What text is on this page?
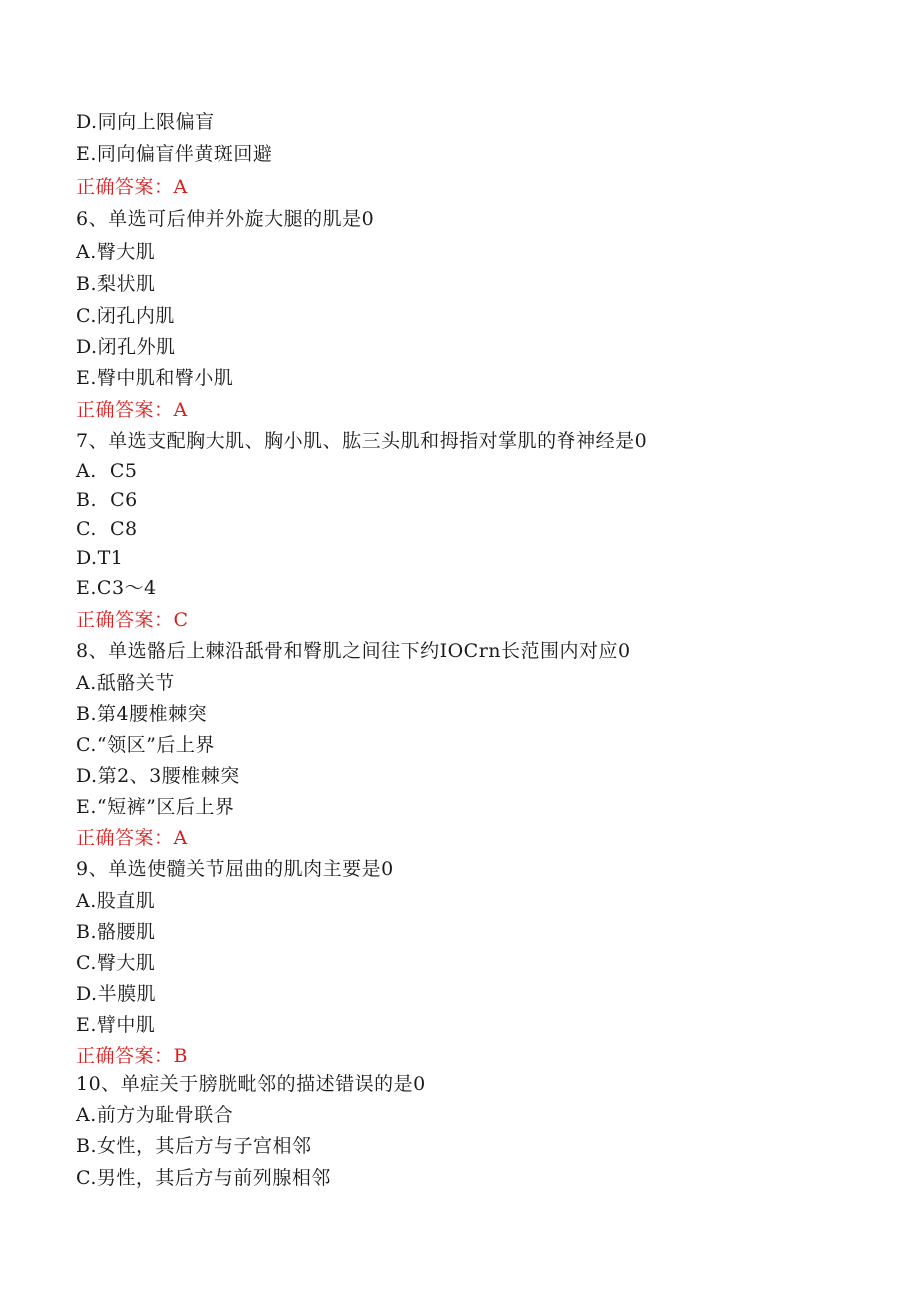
D.同向上限偏盲
E.同向偏盲伴黄斑回避
正确答案：A
6、单选可后伸并外旋大腿的肌是0
A.臀大肌
B.梨状肌
C.闭孔内肌
D.闭孔外肌
E.臀中肌和臀小肌
正确答案：A
7、单选支配胸大肌、胸小肌、肱三头肌和拇指对掌肌的脊神经是0
A.  C5
B.  C6
C.  C8
D.T1
E.C3～4
正确答案：C
8、单选骼后上棘沿舐骨和臀肌之间往下约IOCrn长范围内对应0
A.舐骼关节
B.第4腰椎棘突
C.“领区”后上界
D.第2、3腰椎棘突
E.“短裤”区后上界
正确答案：A
9、单选使髓关节屈曲的肌肉主要是0
A.股直肌
B.骼腰肌
C.臀大肌
D.半膜肌
E.臂中肌
正确答案：B
10、单症关于膀胱毗邻的描述错误的是0
A.前方为耻骨联合
B.女性，其后方与子宫相邻
C.男性，其后方与前列腺相邻
